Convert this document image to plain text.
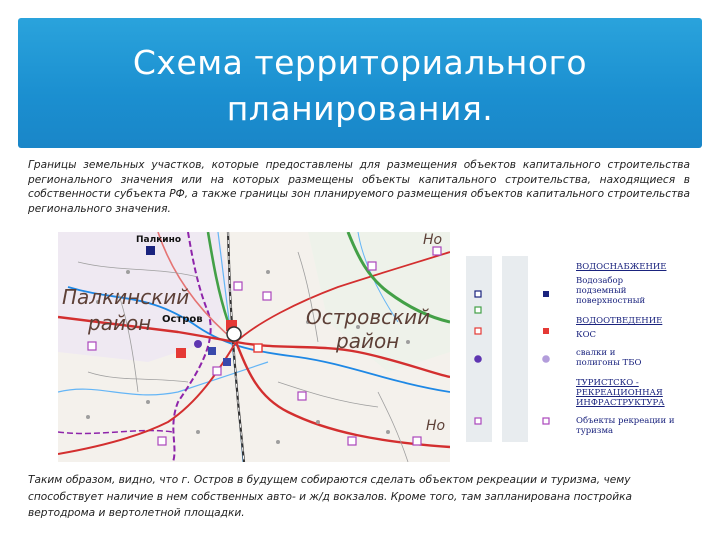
Схема территориального
планирования.
Границы земельных участков, которые предоставлены для размещения объектов капитального строительства регионального значения или на которых размещены объекты капитального строительства, находящиеся в собственности субъекта РФ, а также границы зон планируемого размещения объектов капитального строительства регионального значения.
Палкино
Палкинский
район Остров	Островский
район
Но
Но
ВОДОСНАБЖЕНИЕ
Водозабор подземный поверхностный
ВОДООТВЕДЕНИЕ
КОС
свалки и полигоны ТБО
ТУРИСТСКО - РЕКРЕАЦИОННАЯ ИНФРАСТРУКТУРА
Объекты рекреации и туризма
Таким образом, видно, что г. Остров в будущем собираются сделать объектом рекреации и туризма, чему способствует наличие в нем собственных авто- и ж/д вокзалов. Кроме того, там запланирована постройка вертодрома и вертолетной площадки.
